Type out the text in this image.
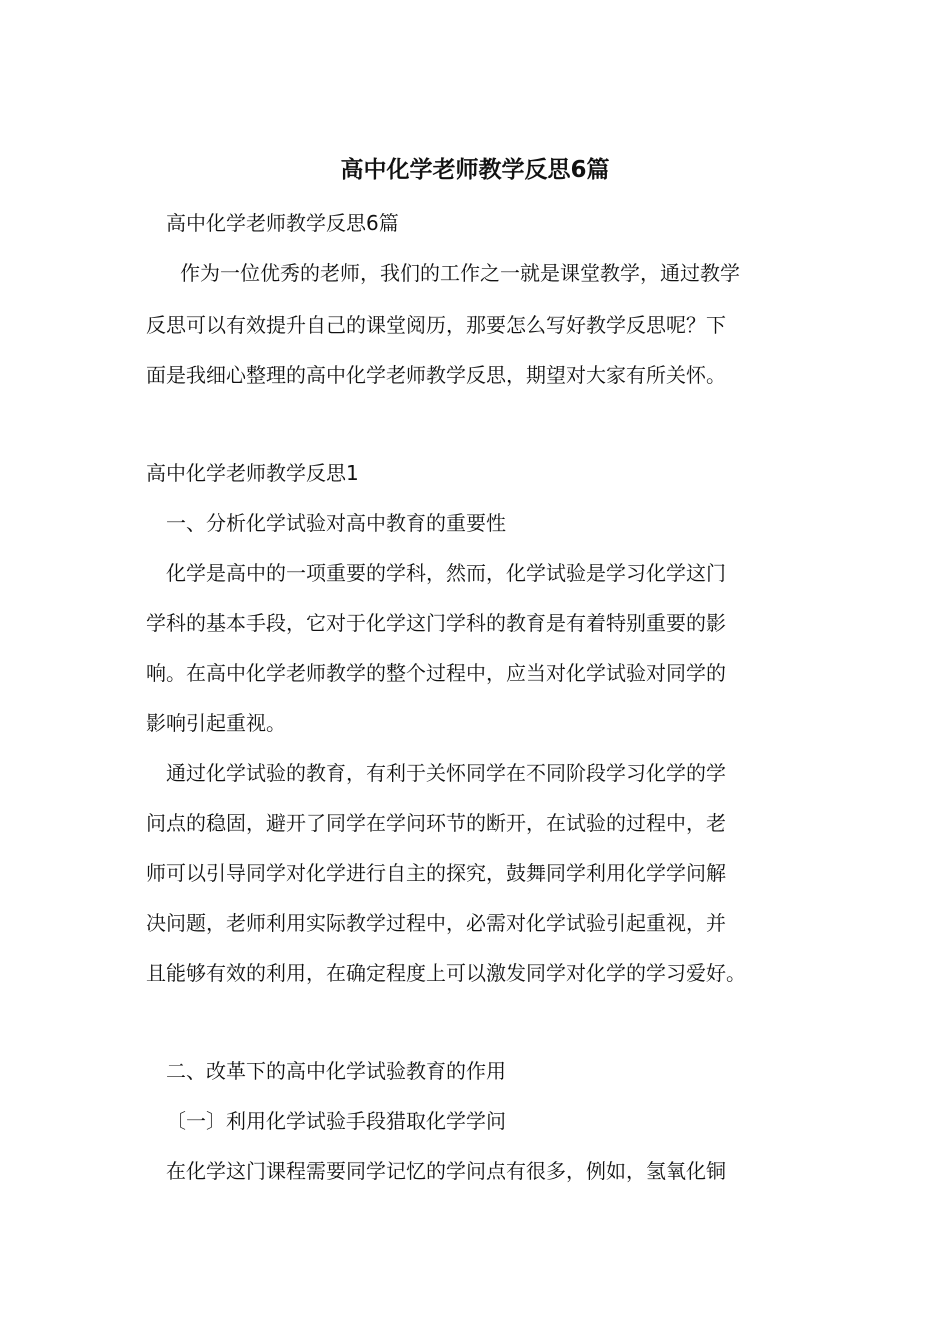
高中化学老师教学反思6篇

高中化学老师教学反思6篇

作为一位优秀的老师，我们的工作之一就是课堂教学，通过教学

反思可以有效提升自己的课堂阅历，那要怎么写好教学反思呢？下

面是我细心整理的高中化学老师教学反思，期望对大家有所关怀。

高中化学老师教学反思1

一、分析化学试验对高中教育的重要性

化学是高中的一项重要的学科，然而，化学试验是学习化学这门

学科的基本手段，它对于化学这门学科的教育是有着特别重要的影

响。在高中化学老师教学的整个过程中，应当对化学试验对同学的

影响引起重视。

通过化学试验的教育，有利于关怀同学在不同阶段学习化学的学

问点的稳固，避开了同学在学问环节的断开，在试验的过程中，老

师可以引导同学对化学进行自主的探究，鼓舞同学利用化学学问解

决问题，老师利用实际教学过程中，必需对化学试验引起重视，并

且能够有效的利用，在确定程度上可以激发同学对化学的学习爱好。

二、改革下的高中化学试验教育的作用

〔一〕利用化学试验手段猎取化学学问

在化学这门课程需要同学记忆的学问点有很多，例如，氢氧化铜
